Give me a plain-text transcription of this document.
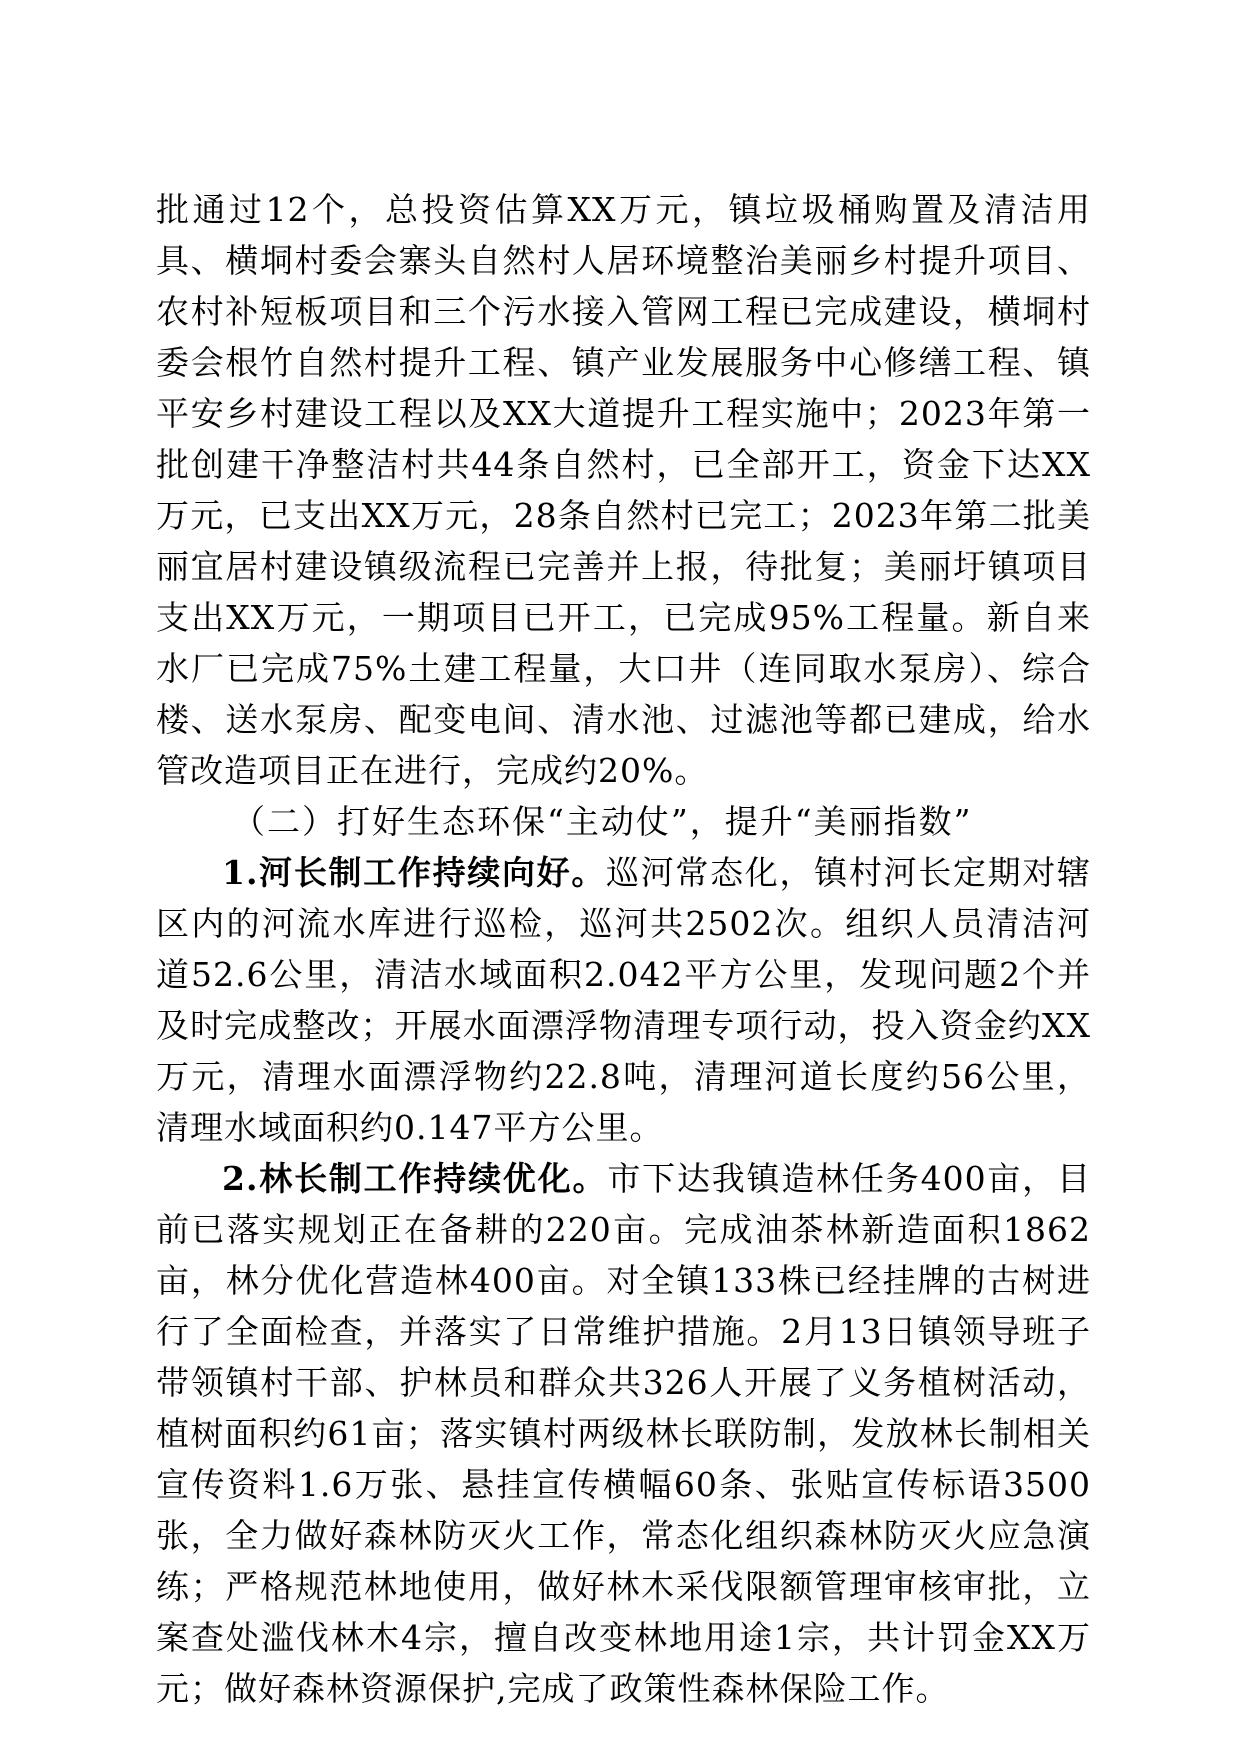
批通过12个，总投资估算XX万元，镇垃圾桶购置及清洁用具、横垌村委会寨头自然村人居环境整治美丽乡村提升项目、农村补短板项目和三个污水接入管网工程已完成建设，横垌村委会根竹自然村提升工程、镇产业发展服务中心修缮工程、镇平安乡村建设工程以及XX大道提升工程实施中；2023年第一批创建干净整洁村共44条自然村，已全部开工，资金下达XX万元，已支出XX万元，28条自然村已完工；2023年第二批美丽宜居村建设镇级流程已完善并上报，待批复；美丽圩镇项目支出XX万元，一期项目已开工，已完成95%工程量。新自来水厂已完成75%土建工程量，大口井（连同取水泵房）、综合楼、送水泵房、配变电间、清水池、过滤池等都已建成，给水管改造项目正在进行，完成约20%。

（二）打好生态环保“主动仗”，提升“美丽指数”

1.河长制工作持续向好。巡河常态化，镇村河长定期对辖区内的河流水库进行巡检，巡河共2502次。组织人员清洁河道52.6公里，清洁水域面积2.042平方公里，发现问题2个并及时完成整改；开展水面漂浮物清理专项行动，投入资金约XX万元，清理水面漂浮物约22.8吨，清理河道长度约56公里，清理水域面积约0.147平方公里。

2.林长制工作持续优化。市下达我镇造林任务400亩，目前已落实规划正在备耕的220亩。完成油茶林新造面积1862亩，林分优化营造林400亩。对全镇133株已经挂牌的古树进行了全面检查，并落实了日常维护措施。2月13日镇领导班子带领镇村干部、护林员和群众共326人开展了义务植树活动，植树面积约61亩；落实镇村两级林长联防制，发放林长制相关宣传资料1.6万张、悬挂宣传横幅60条、张贴宣传标语3500张，全力做好森林防灭火工作，常态化组织森林防灭火应急演练；严格规范林地使用，做好林木采伐限额管理审核审批，立案查处滥伐林木4宗，擅自改变林地用途1宗，共计罚金XX万元；做好森林资源保护,完成了政策性森林保险工作。
